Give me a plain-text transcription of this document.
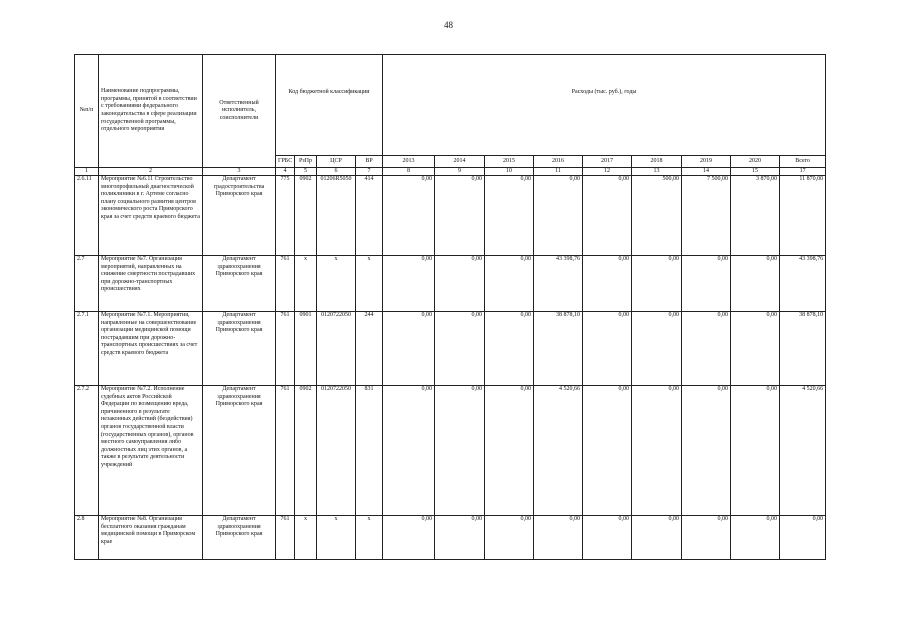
48
№п/п	Наименование подпрограммы, программы, принятой в соответствии с требованиями федерального законодательства в сфере реализации государственной программы, отдельного мероприятия	Ответственный исполнитель, соисполнители	Код бюджетной классификации				Расходы (тыс. руб.), годы								
			ГРБС	РзПр	ЦСР	ВР	2013	2014	2015	2016	2017	2018	2019	2020	Всего
1	2	3	4	5	6	7	8	9	10	11	12	13	14	15	17
2.6.11	Мероприятие №6.11 Строительство многопрофильный диагностической поликлиники в г. Артеме согласно плану социального развития центров экономического роста Приморского края за счет средств краевого бюджета	Департамент градостроительства Приморского края	775	0902	01206R5050	414	0,00	0,00	0,00	0,00	0,00	500,00	7 500,00	3 870,00	11 870,00
2.7	Мероприятие №7. Организация мероприятий, направленных на снижение смертности пострадавших при дорожно-транспортных происшествиях	Департамент здравоохранения Приморского края	761	х	х	х	0,00	0,00	0,00	43 398,76	0,00	0,00	0,00	0,00	43 398,76
2.7.1	Мероприятие №7.1. Мероприятия, направленные на совершенствование организации медицинской помощи пострадавшим при дорожно-транспортных происшествиях за счет средств краевого бюджета	Департамент здравоохранения Приморского края	761	0901	0120722050	244	0,00	0,00	0,00	38 878,10	0,00	0,00	0,00	0,00	38 878,10
2.7.2	Мероприятие №7.2. Исполнение судебных актов Российской Федерации по возмещению вреда, причиненного в результате незаконных действий (бездействия) органов государственной власти (государственных органов), органов местного самоуправления либо должностных лиц этих органов, а также в результате деятельности учреждений	Департамент здравоохранения Приморского края	761	0902	0120722050	831	0,00	0,00	0,00	4 520,66	0,00	0,00	0,00	0,00	4 520,66
2.8	Мероприятие №8. Организация бесплатного оказания гражданам медицинской помощи в Приморском крае	Департамент здравоохранения Приморского края	761	х	х	х	0,00	0,00	0,00	0,00	0,00	0,00	0,00	0,00	0,00
